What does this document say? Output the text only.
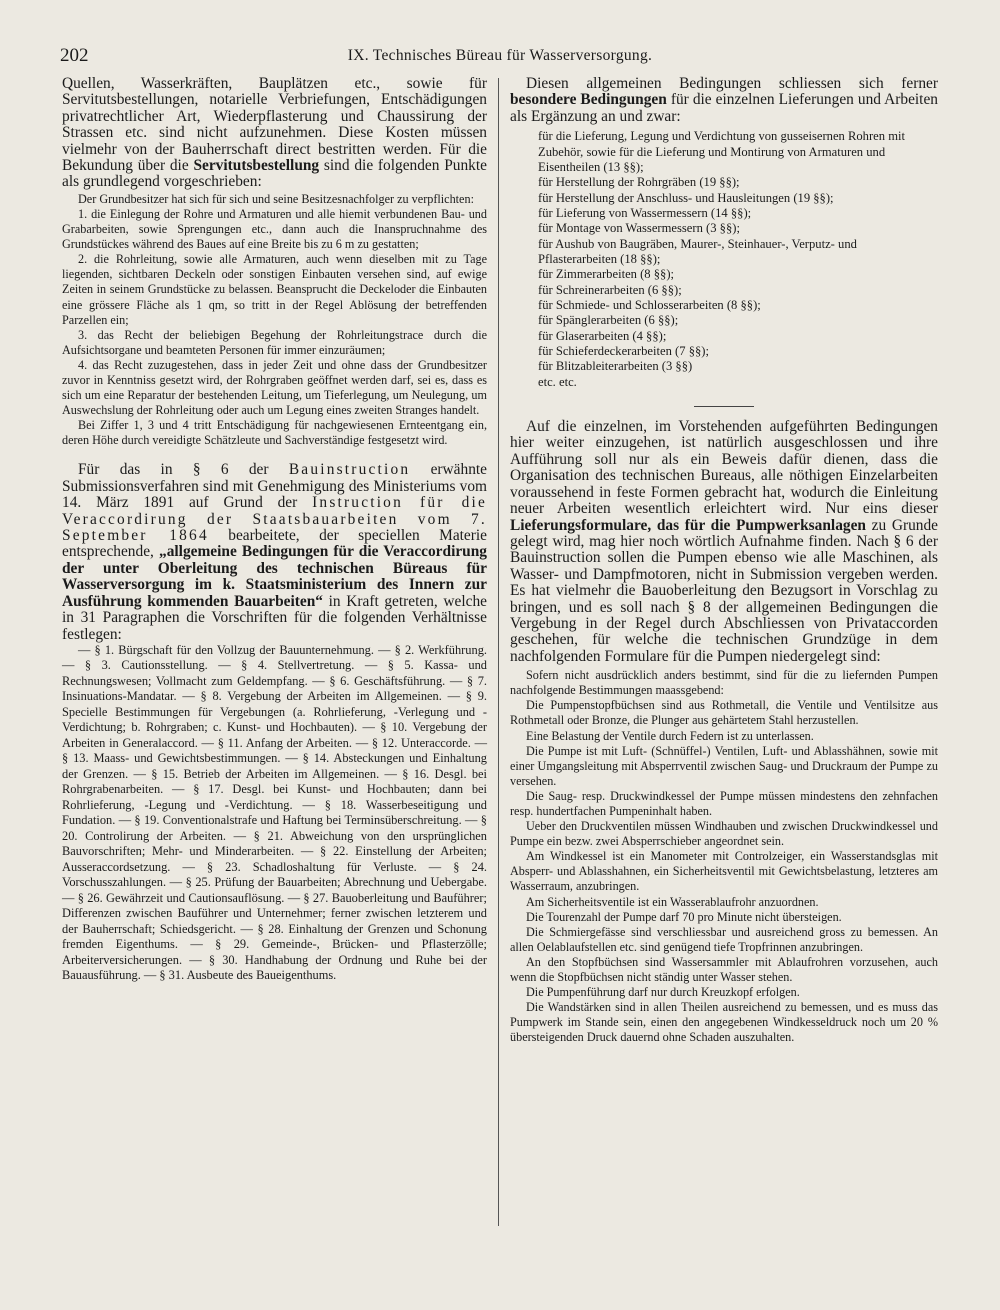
202	IX. Technisches Büreau für Wasserversorgung.

Quellen, Wasserkräften, Bauplätzen etc., sowie für Servitutsbestellungen, notarielle Verbriefungen, Entschädigungen privatrechtlicher Art, Wiederpflasterung und Chaussirung der Strassen etc. sind nicht aufzunehmen. Diese Kosten müssen vielmehr von der Bauherrschaft direct bestritten werden. Für die Bekundung über die Servitutsbestellung sind die folgenden Punkte als grundlegend vorgeschrieben:

Der Grundbesitzer hat sich für sich und seine Besitzesnachfolger zu verpflichten:

1. die Einlegung der Rohre und Armaturen und alle hiemit verbundenen Bau- und Grabarbeiten, sowie Sprengungen etc., dann auch die Inanspruchnahme des Grundstückes während des Baues auf eine Breite bis zu 6 m zu gestatten;

2. die Rohrleitung, sowie alle Armaturen, auch wenn dieselben mit zu Tage liegenden, sichtbaren Deckeln oder sonstigen Einbauten versehen sind, auf ewige Zeiten in seinem Grundstücke zu belassen. Beansprucht die Deckeloder die Einbauten eine grössere Fläche als 1 qm, so tritt in der Regel Ablösung der betreffenden Parzellen ein;

3. das Recht der beliebigen Begehung der Rohrleitungstrace durch die Aufsichtsorgane und beamteten Personen für immer einzuräumen;

4. das Recht zuzugestehen, dass in jeder Zeit und ohne dass der Grundbesitzer zuvor in Kenntniss gesetzt wird, der Rohrgraben geöffnet werden darf, sei es, dass es sich um eine Reparatur der bestehenden Leitung, um Tieferlegung, um Neulegung, um Auswechslung der Rohrleitung oder auch um Legung eines zweiten Stranges handelt.

Bei Ziffer 1, 3 und 4 tritt Entschädigung für nachgewiesenen Ernteentgang ein, deren Höhe durch vereidigte Schätzleute und Sachverständige festgesetzt wird.

Für das in § 6 der Bauinstruction erwähnte Submissionsverfahren sind mit Genehmigung des Ministeriums vom 14. März 1891 auf Grund der Instruction für die Veraccordirung der Staatsbauarbeiten vom 7. September 1864 bearbeitete, der speciellen Materie entsprechende, „allgemeine Bedingungen für die Veraccordirung der unter Oberleitung des technischen Büreaus für Wasserversorgung im k. Staatsministerium des Innern zur Ausführung kommenden Bauarbeiten“ in Kraft getreten, welche in 31 Paragraphen die Vorschriften für die folgenden Verhältnisse festlegen:

— § 1. Bürgschaft für den Vollzug der Bauunternehmung. — § 2. Werkführung. — § 3. Cautionsstellung. — § 4. Stellvertretung. — § 5. Kassa- und Rechnungswesen; Vollmacht zum Geldempfang. — § 6. Geschäftsführung. — § 7. Insinuations-Mandatar. — § 8. Vergebung der Arbeiten im Allgemeinen. — § 9. Specielle Bestimmungen für Vergebungen (a. Rohrlieferung, -Verlegung und -Verdichtung; b. Rohrgraben; c. Kunst- und Hochbauten). — § 10. Vergebung der Arbeiten in Generalaccord. — § 11. Anfang der Arbeiten. — § 12. Unteraccorde. — § 13. Maass- und Gewichtsbestimmungen. — § 14. Absteckungen und Einhaltung der Grenzen. — § 15. Betrieb der Arbeiten im Allgemeinen. — § 16. Desgl. bei Rohrgrabenarbeiten. — § 17. Desgl. bei Kunst- und Hochbauten; dann bei Rohrlieferung, -Legung und -Verdichtung. — § 18. Wasserbeseitigung und Fundation. — § 19. Conventionalstrafe und Haftung bei Terminsüberschreitung. — § 20. Controlirung der Arbeiten. — § 21. Abweichung von den ursprünglichen Bauvorschriften; Mehr- und Minderarbeiten. — § 22. Einstellung der Arbeiten; Ausseraccordsetzung. — § 23. Schadloshaltung für Verluste. — § 24. Vorschusszahlungen. — § 25. Prüfung der Bauarbeiten; Abrechnung und Uebergabe. — § 26. Gewährzeit und Cautionsauflösung. — § 27. Bauoberleitung und Bauführer; Differenzen zwischen Bauführer und Unternehmer; ferner zwischen letzterem und der Bauherrschaft; Schiedsgericht. — § 28. Einhaltung der Grenzen und Schonung fremden Eigenthums. — § 29. Gemeinde-, Brücken- und Pflasterzölle; Arbeiterversicherungen. — § 30. Handhabung der Ordnung und Ruhe bei der Bauausführung. — § 31. Ausbeute des Baueigenthums.

Diesen allgemeinen Bedingungen schliessen sich ferner besondere Bedingungen für die einzelnen Lieferungen und Arbeiten als Ergänzung an und zwar:

für die Lieferung, Legung und Verdichtung von gusseisernen Rohren mit Zubehör, sowie für die Lieferung und Montirung von Armaturen und Eisentheilen (13 §§);

für Herstellung der Rohrgräben (19 §§);

für Herstellung der Anschluss- und Hausleitungen (19 §§);

für Lieferung von Wassermessern (14 §§);

für Montage von Wassermessern (3 §§);

für Aushub von Baugräben, Maurer-, Steinhauer-, Verputz- und Pflasterarbeiten (18 §§);

für Zimmerarbeiten (8 §§);

für Schreinerarbeiten (6 §§);

für Schmiede- und Schlosserarbeiten (8 §§);

für Spänglerarbeiten (6 §§);

für Glaserarbeiten (4 §§);

für Schieferdeckerarbeiten (7 §§);

für Blitzableiterarbeiten (3 §§)

etc. etc.

Auf die einzelnen, im Vorstehenden aufgeführten Bedingungen hier weiter einzugehen, ist natürlich ausgeschlossen und ihre Aufführung soll nur als ein Beweis dafür dienen, dass die Organisation des technischen Bureaus, alle nöthigen Einzelarbeiten voraussehend in feste Formen gebracht hat, wodurch die Einleitung neuer Arbeiten wesentlich erleichtert wird. Nur eins dieser Lieferungsformulare, das für die Pumpwerksanlagen zu Grunde gelegt wird, mag hier noch wörtlich Aufnahme finden. Nach § 6 der Bauinstruction sollen die Pumpen ebenso wie alle Maschinen, als Wasser- und Dampfmotoren, nicht in Submission vergeben werden. Es hat vielmehr die Bauoberleitung den Bezugsort in Vorschlag zu bringen, und es soll nach § 8 der allgemeinen Bedingungen die Vergebung in der Regel durch Abschliessen von Privataccorden geschehen, für welche die technischen Grundzüge in dem nachfolgenden Formulare für die Pumpen niedergelegt sind:

Sofern nicht ausdrücklich anders bestimmt, sind für die zu liefernden Pumpen nachfolgende Bestimmungen maassgebend:

Die Pumpenstopfbüchsen sind aus Rothmetall, die Ventile und Ventilsitze aus Rothmetall oder Bronze, die Plunger aus gehärtetem Stahl herzustellen.

Eine Belastung der Ventile durch Federn ist zu unterlassen.

Die Pumpe ist mit Luft- (Schnüffel-) Ventilen, Luft- und Ablasshähnen, sowie mit einer Umgangsleitung mit Absperrventil zwischen Saug- und Druckraum der Pumpe zu versehen.

Die Saug- resp. Druckwindkessel der Pumpe müssen mindestens den zehnfachen resp. hundertfachen Pumpeninhalt haben.

Ueber den Druckventilen müssen Windhauben und zwischen Druckwindkessel und Pumpe ein bezw. zwei Absperrschieber angeordnet sein.

Am Windkessel ist ein Manometer mit Controlzeiger, ein Wasserstandsglas mit Absperr- und Ablasshahnen, ein Sicherheitsventil mit Gewichtsbelastung, letzteres am Wasserraum, anzubringen.

Am Sicherheitsventile ist ein Wasserablaufrohr anzuordnen.

Die Tourenzahl der Pumpe darf 70 pro Minute nicht übersteigen.

Die Schmiergefässe sind verschliessbar und ausreichend gross zu bemessen. An allen Oelablaufstellen etc. sind genügend tiefe Tropfrinnen anzubringen.

An den Stopfbüchsen sind Wassersammler mit Ablaufrohren vorzusehen, auch wenn die Stopfbüchsen nicht ständig unter Wasser stehen.

Die Pumpenführung darf nur durch Kreuzkopf erfolgen.

Die Wandstärken sind in allen Theilen ausreichend zu bemessen, und es muss das Pumpwerk im Stande sein, einen den angegebenen Windkesseldruck noch um 20 % übersteigenden Druck dauernd ohne Schaden auszuhalten.
